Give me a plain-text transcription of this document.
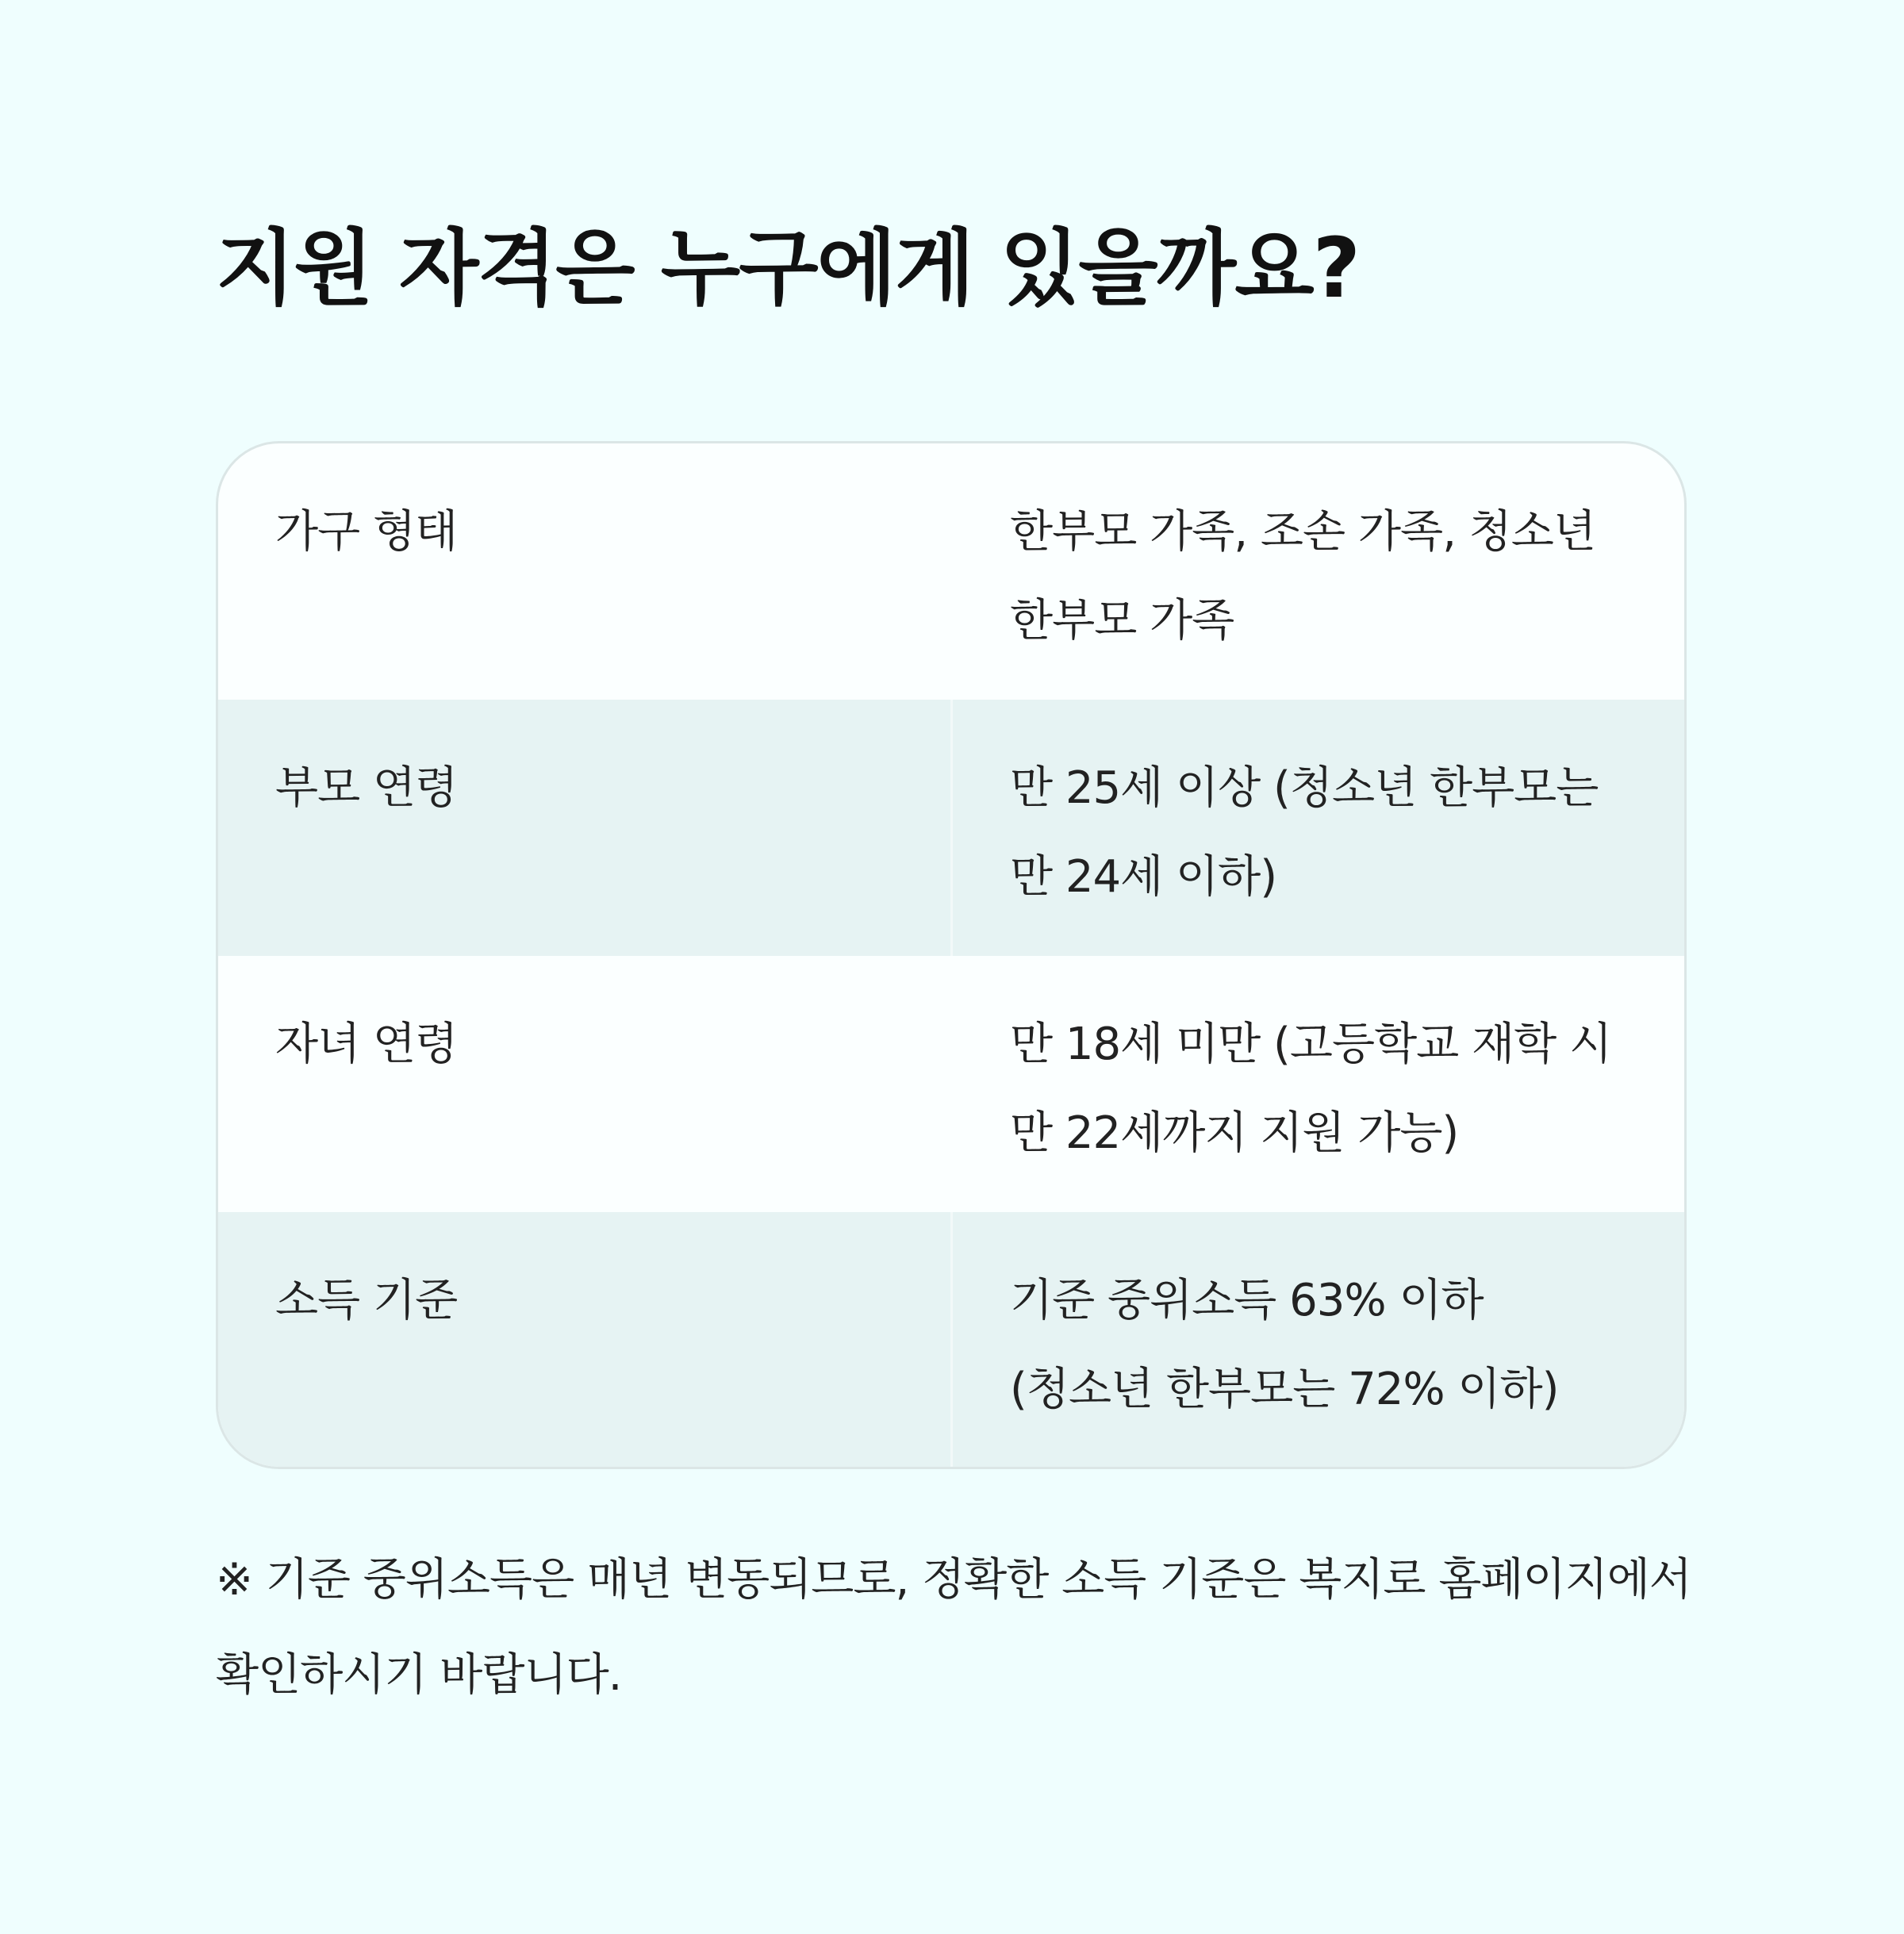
지원 자격은 누구에게 있을까요?
가구 형태	한부모 가족, 조손 가족, 청소년 한부모 가족
부모 연령	만 25세 이상 (청소년 한부모는 만 24세 이하)
자녀 연령	만 18세 미만 (고등학교 재학 시 만 22세까지 지원 가능)
소득 기준	기준 중위소득 63% 이하 (청소년 한부모는 72% 이하)

※ 기준 중위소득은 매년 변동되므로, 정확한 소득 기준은 복지로 홈페이지에서 확인하시기 바랍니다.
